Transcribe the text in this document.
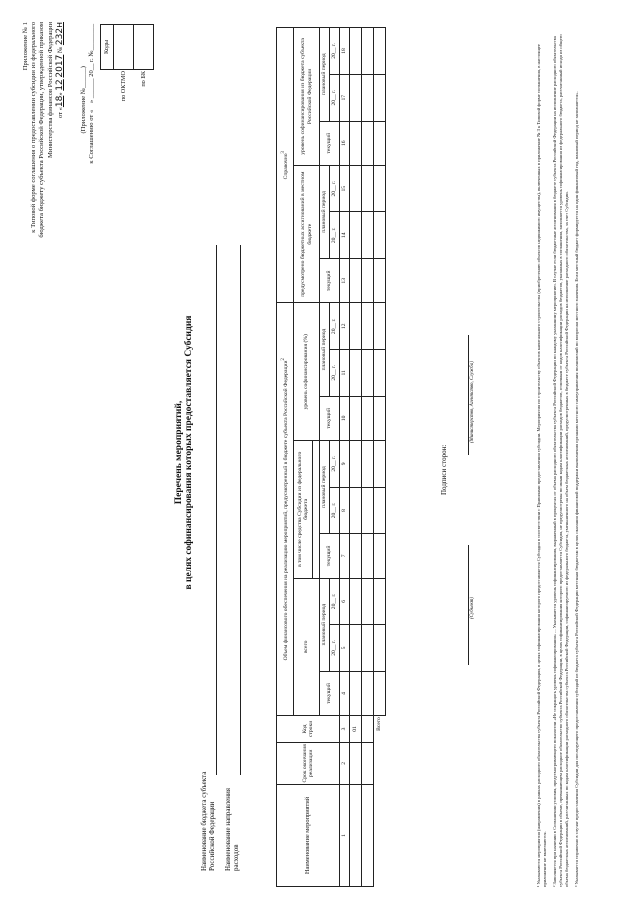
Приложение № 1 к Типовой форме соглашения о предоставлении субсидии из федерального бюджета бюджету субъекта Российской Федерации, утвержденной приказом Министерства финансов Российской Федерации от «18» 12 2017 № 232н
к Соглашению от «    » ______ 20__ г. №________
(Приложение №______)
	Коды
по ОКТМО	
по БК	
Перечень мероприятий, в целях софинансирования которых предоставляется Субсидия
Наименование бюджета субъекта Российской Федерации Наименование направления расходов	Наименование мероприятий	Срок окончания реализации	Код строки	Объем финансового обеспечения на реализацию мероприятий, предусмотренный в бюджете субъекта Российской Федерации$^2$									Справочно$^3$
			всего			в том числе средства Субсидии из федерального бюджета			уровень софинансирования (%)			предусмотрено бюджетных ассигнований в местном бюджете			уровень софинансирования из бюджета субъекта Российской Федерации		

			текущий	плановый период		текущий	плановый период		текущий	плановый период		текущий	плановый период		текущий	плановый период	
				20__ г.	20__ г.		20__ г.	20__ г.		20__ г.	20__ г.		20__ г.	20__ г.		20__ г.	20__ г.
1	2	3	4	5	6	7	8	9	10	11	12	13	14	15	16	17	18
		01															

	Всего																
Подписи сторон:
(Субъект)
(Министерство, Агентство, Служба)	¹ Указываются мероприятия (направления) в рамках расходного обязательства субъекта Российской Федерации, в целях софинансирования которого предоставляется Субсидия в соответствии с Правилами предоставления субсидии. Мероприятия по строительству объектов капитального строительства (приобретению объектов недвижимого имущества), включенных в приложение № 3 к Типовой форме соглашения, в настоящее приложение не включаются. ² Заполняется при наличии в Соглашении условия, предусматривающего показатели «Не сокращать уровень софинансирования» ... Указывается уровень софинансирования, выраженный в процентах от объема расходного обязательства субъекта Российской Федерации по каждому указанному мероприятию. В случае если бюджетные ассигнования в бюджете субъекта Российской Федерации на исполнение расходного обязательства субъекта Российской Федерации в объеме, превышающем расходное обязательство субъекта Российской Федерации, в целях софинансирования которого предоставляется Субсидия, не предусмотрены по иным кодам классификации расходов бюджетов, отличным от кодов классификации расходов бюджетов, указанных в соглашении, заполняется уровень софинансирования из федерального бюджета, рассчитанный исходя из общего объема бюджетных ассигнований, рассчитанных по кодам классификации расходного обязательства субъекта Российской Федерации, софинансируемого из федерального бюджета, уменьшенного на объем бюджетных ассигнований, предусмотренных в бюджете субъекта Российской Федерации на исполнение расходного обязательства, за счет Субсидии. ³ Указывается справочно в случае предоставления Субсидии для последующего предоставления субсидий из бюджета субъекта Российской Федерации местным бюджетам в целях оказания финансовой поддержки выполнения органами местного самоуправления полномочий по вопросам местного значения. Если местный бюджет формируется на один финансовый год, плановый период не заполняется».
